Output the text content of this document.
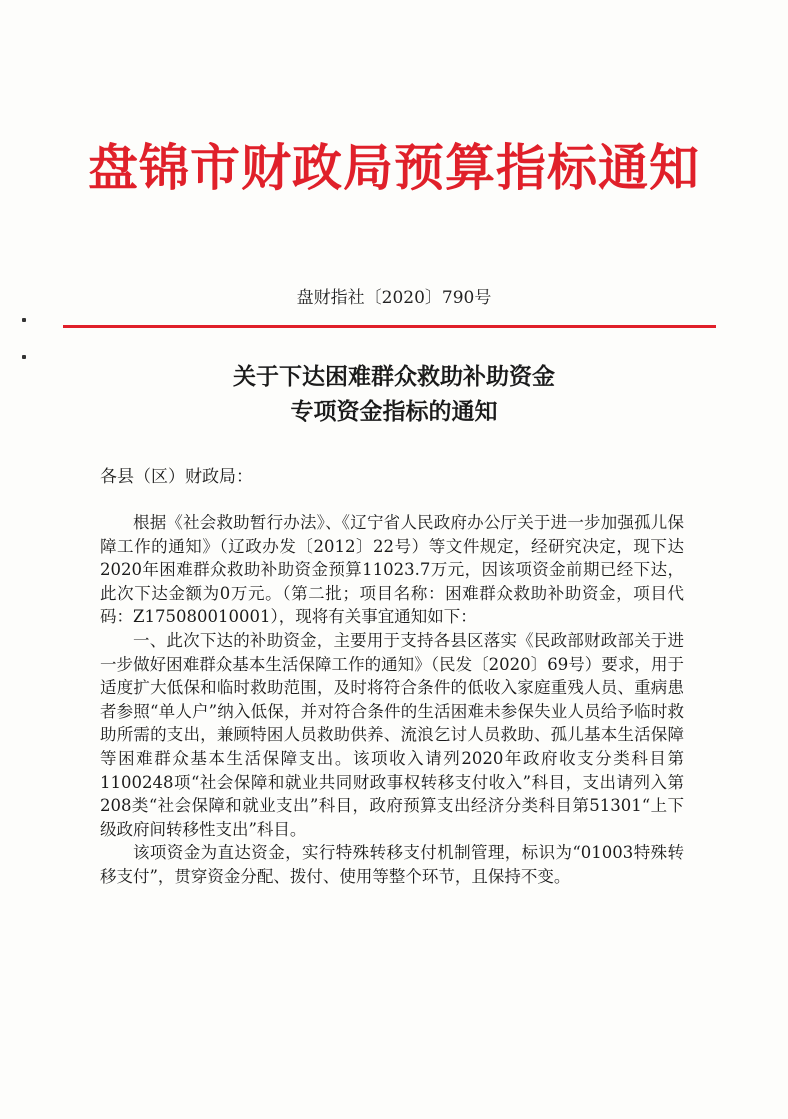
盘锦市财政局预算指标通知
盘财指社〔2020〕790号
关于下达困难群众救助补助资金
专项资金指标的通知
各县（区）财政局：

根据《社会救助暂行办法》、《辽宁省人民政府办公厅关于进一步加强孤儿保障工作的通知》（辽政办发〔2012〕22号）等文件规定，经研究决定，现下达2020年困难群众救助补助资金预算11023.7万元，因该项资金前期已经下达，此次下达金额为0万元。（第二批；项目名称：困难群众救助补助资金，项目代码：Z175080010001），现将有关事宜通知如下：

一、此次下达的补助资金，主要用于支持各县区落实《民政部财政部关于进一步做好困难群众基本生活保障工作的通知》（民发〔2020〕69号）要求，用于适度扩大低保和临时救助范围，及时将符合条件的低收入家庭重残人员、重病患者参照“单人户”纳入低保，并对符合条件的生活困难未参保失业人员给予临时救助所需的支出，兼顾特困人员救助供养、流浪乞讨人员救助、孤儿基本生活保障等困难群众基本生活保障支出。该项收入请列2020年政府收支分类科目第1100248项“社会保障和就业共同财政事权转移支付收入”科目，支出请列入第208类“社会保障和就业支出”科目，政府预算支出经济分类科目第51301“上下级政府间转移性支出”科目。

该项资金为直达资金，实行特殊转移支付机制管理，标识为“01003特殊转移支付”，贯穿资金分配、拨付、使用等整个环节，且保持不变。
